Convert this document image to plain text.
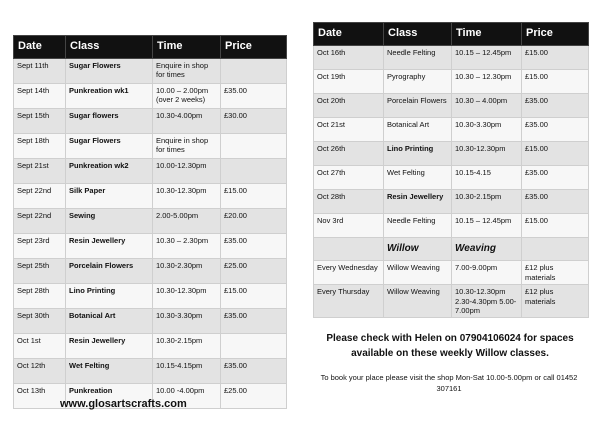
Date	Class	Time	Price
Sept 11th	Sugar Flowers	Enquire in shop for times	
Sept 14th	Punkreation wk1	10.00 – 2.00pm (over 2 weeks)	£35.00
Sept 15th	Sugar flowers	10.30-4.00pm	£30.00
Sept 18th	Sugar Flowers	Enquire in shop for times	
Sept 21st	Punkreation wk2	10.00-12.30pm	
Sept 22nd	Silk Paper	10.30-12.30pm	£15.00
Sept 22nd	Sewing	2.00-5.00pm	£20.00
Sept 23rd	Resin Jewellery	10.30 – 2.30pm	£35.00
Sept 25th	Porcelain Flowers	10.30-2.30pm	£25.00
Sept 28th	Lino Printing	10.30-12.30pm	£15.00
Sept 30th	Botanical Art	10.30-3.30pm	£35.00
Oct 1st	Resin Jewellery	10.30-2.15pm	
Oct 12th	Wet Felting	10.15-4.15pm	£35.00
Oct 13th	Punkreation	10.00 -4.00pm	£25.00
www.glosartscrafts.com
Date	Class	Time	Price
Oct 16th	Needle Felting	10.15 – 12.45pm	£15.00
Oct 19th	Pyrography	10.30 – 12.30pm	£15.00
Oct 20th	Porcelain Flowers	10.30 – 4.00pm	£35.00
Oct 21st	Botanical Art	10.30-3.30pm	£35.00
Oct 26th	Lino Printing	10.30-12.30pm	£15.00
Oct 27th	Wet Felting	10.15-4.15	£35.00
Oct 28th	Resin Jewellery	10.30-2.15pm	£35.00
Nov 3rd	Needle Felting	10.15 – 12.45pm	£15.00
	Willow	Weaving	
Every Wednesday	Willow Weaving	7.00-9.00pm	£12 plus materials
Every Thursday	Willow Weaving	10.30-12.30pm 2.30-4.30pm 5.00-7.00pm	£12 plus materials
Please check with Helen on 07904106024 for spaces available on these weekly Willow classes.
To book your place please visit the shop Mon-Sat 10.00-5.00pm or call 01452 307161
